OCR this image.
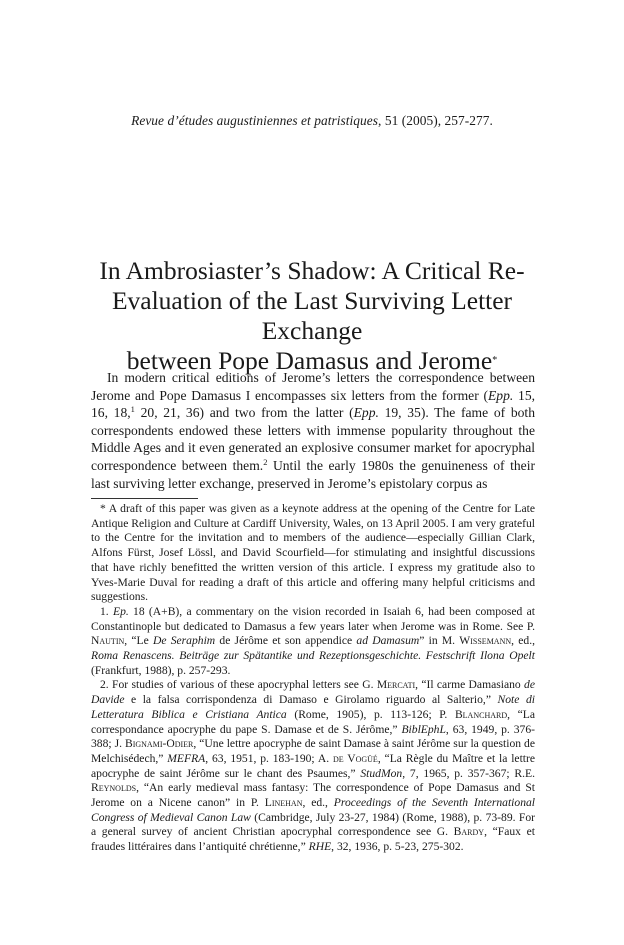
Revue d’études augustiniennes et patristiques, 51 (2005), 257-277.
In Ambrosiaster’s Shadow: A Critical Re-
Evaluation of the Last Surviving Letter Exchange
between Pope Damasus and Jerome*

In modern critical editions of Jerome’s letters the correspondence between Jerome and Pope Damasus I encompasses six letters from the former (Epp. 15, 16, 18,$^1$ 20, 21, 36) and two from the latter (Epp. 19, 35). The fame of both correspondents endowed these letters with immense popularity throughout the Middle Ages and it even generated an explosive consumer market for apocryphal correspondence between them.$^2$ Until the early 1980s the genuineness of their last surviving letter exchange, preserved in Jerome’s epistolary corpus as

* A draft of this paper was given as a keynote address at the opening of the Centre for Late Antique Religion and Culture at Cardiff University, Wales, on 13 April 2005. I am very grateful to the Centre for the invitation and to members of the audience—especially Gillian Clark, Alfons Fürst, Josef Lössl, and David Scourfield—for stimulating and insightful discussions that have richly benefitted the written version of this article. I express my gratitude also to Yves-Marie Duval for reading a draft of this article and offering many helpful criticisms and suggestions.

1. Ep. 18 (A+B), a commentary on the vision recorded in Isaiah 6, had been composed at Constantinople but dedicated to Damasus a few years later when Jerome was in Rome. See P. Nautin, “Le De Seraphim de Jérôme et son appendice ad Damasum” in M. Wissemann, ed., Roma Renascens. Beiträge zur Spätantike und Rezeptionsgeschichte. Festschrift Ilona Opelt (Frankfurt, 1988), p. 257-293.

2. For studies of various of these apocryphal letters see G. Mercati, “Il carme Damasiano de Davide e la falsa corrispondenza di Damaso e Girolamo riguardo al Salterio,” Note di Letteratura Biblica e Cristiana Antica (Rome, 1905), p. 113-126; P. Blanchard, “La correspondance apocryphe du pape S. Damase et de S. Jérôme,” BiblEphL, 63, 1949, p. 376-388; J. Bignami-Odier, “Une lettre apocryphe de saint Damase à saint Jérôme sur la question de Melchisédech,” MEFRA, 63, 1951, p. 183-190; A. de Vogüé, “La Règle du Maître et la lettre apocryphe de saint Jérôme sur le chant des Psaumes,” StudMon, 7, 1965, p. 357-367; R.E. Reynolds, “An early medieval mass fantasy: The correspondence of Pope Damasus and St Jerome on a Nicene canon” in P. Linehan, ed., Proceedings of the Seventh International Congress of Medieval Canon Law (Cambridge, July 23-27, 1984) (Rome, 1988), p. 73-89. For a general survey of ancient Christian apocryphal correspondence see G. Bardy, “Faux et fraudes littéraires dans l’antiquité chrétienne,” RHE, 32, 1936, p. 5-23, 275-302.
